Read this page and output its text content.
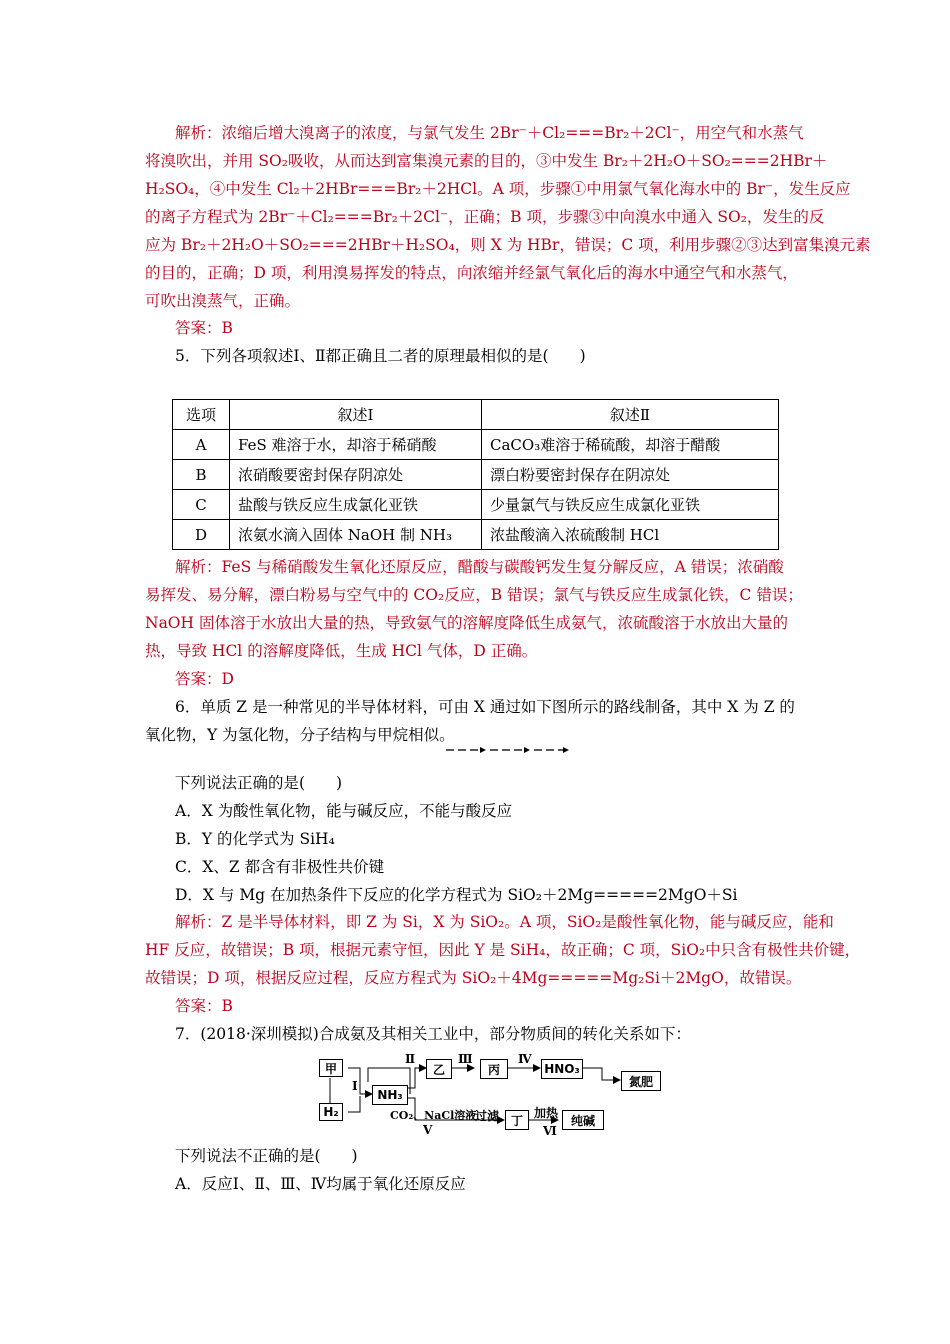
解析：浓缩后增大溴离子的浓度，与氯气发生 2Br⁻＋Cl₂===Br₂＋2Cl⁻，用空气和水蒸气
将溴吹出，并用 SO₂吸收，从而达到富集溴元素的目的，③中发生 Br₂＋2H₂O＋SO₂===2HBr＋
H₂SO₄，④中发生 Cl₂＋2HBr===Br₂＋2HCl。A 项，步骤①中用氯气氧化海水中的 Br⁻，发生反应
的离子方程式为 2Br⁻＋Cl₂===Br₂＋2Cl⁻，正确；B 项，步骤③中向溴水中通入 SO₂，发生的反
应为 Br₂＋2H₂O＋SO₂===2HBr＋H₂SO₄，则 X 为 HBr，错误；C 项，利用步骤②③达到富集溴元素
的目的，正确；D 项，利用溴易挥发的特点，向浓缩并经氯气氧化后的海水中通空气和水蒸气，
可吹出溴蒸气，正确。
答案：B
5．下列各项叙述Ⅰ、Ⅱ都正确且二者的原理最相似的是(　　)
选项	叙述Ⅰ	叙述Ⅱ
A	FeS 难溶于水，却溶于稀硝酸	CaCO₃难溶于稀硫酸，却溶于醋酸
B	浓硝酸要密封保存阴凉处	漂白粉要密封保存在阴凉处
C	盐酸与铁反应生成氯化亚铁	少量氯气与铁反应生成氯化亚铁
D	浓氨水滴入固体 NaOH 制 NH₃	浓盐酸滴入浓硫酸制 HCl
解析：FeS 与稀硝酸发生氧化还原反应，醋酸与碳酸钙发生复分解反应，A 错误；浓硝酸
易挥发、易分解，漂白粉易与空气中的 CO₂反应，B 错误；氯气与铁反应生成氯化铁，C 错误；
NaOH 固体溶于水放出大量的热，导致氨气的溶解度降低生成氨气，浓硫酸溶于水放出大量的
热，导致 HCl 的溶解度降低，生成 HCl 气体，D 正确。
答案：D
6．单质 Z 是一种常见的半导体材料，可由 X 通过如下图所示的路线制备，其中 X 为 Z 的
氧化物，Y 为氢化物，分子结构与甲烷相似。
下列说法正确的是(　　)
A．X 为酸性氧化物，能与碱反应，不能与酸反应
B．Y 的化学式为 SiH₄
C．X、Z 都含有非极性共价键
D．X 与 Mg 在加热条件下反应的化学方程式为 SiO₂＋2Mg=====2MgO＋Si
解析：Z 是半导体材料，即 Z 为 Si，X 为 SiO₂。A 项，SiO₂是酸性氧化物，能与碱反应，能和
HF 反应，故错误；B 项，根据元素守恒，因此 Y 是 SiH₄，故正确；C 项，SiO₂中只含有极性共价键，
故错误；D 项，根据反应过程，反应方程式为 SiO₂＋4Mg=====Mg₂Si＋2MgO，故错误。
答案：B
7．(2018·深圳模拟)合成氨及其相关工业中，部分物质间的转化关系如下：
甲
H₂
NH₃
乙	丙	HNO₃
氮肥
丁	纯碱
Ⅰ
Ⅱ	Ⅲ	Ⅳ
CO₂、NaCl溶液
Ⅴ
过滤	加热
Ⅵ
下列说法不正确的是(　　)
A．反应Ⅰ、Ⅱ、Ⅲ、Ⅳ均属于氧化还原反应
